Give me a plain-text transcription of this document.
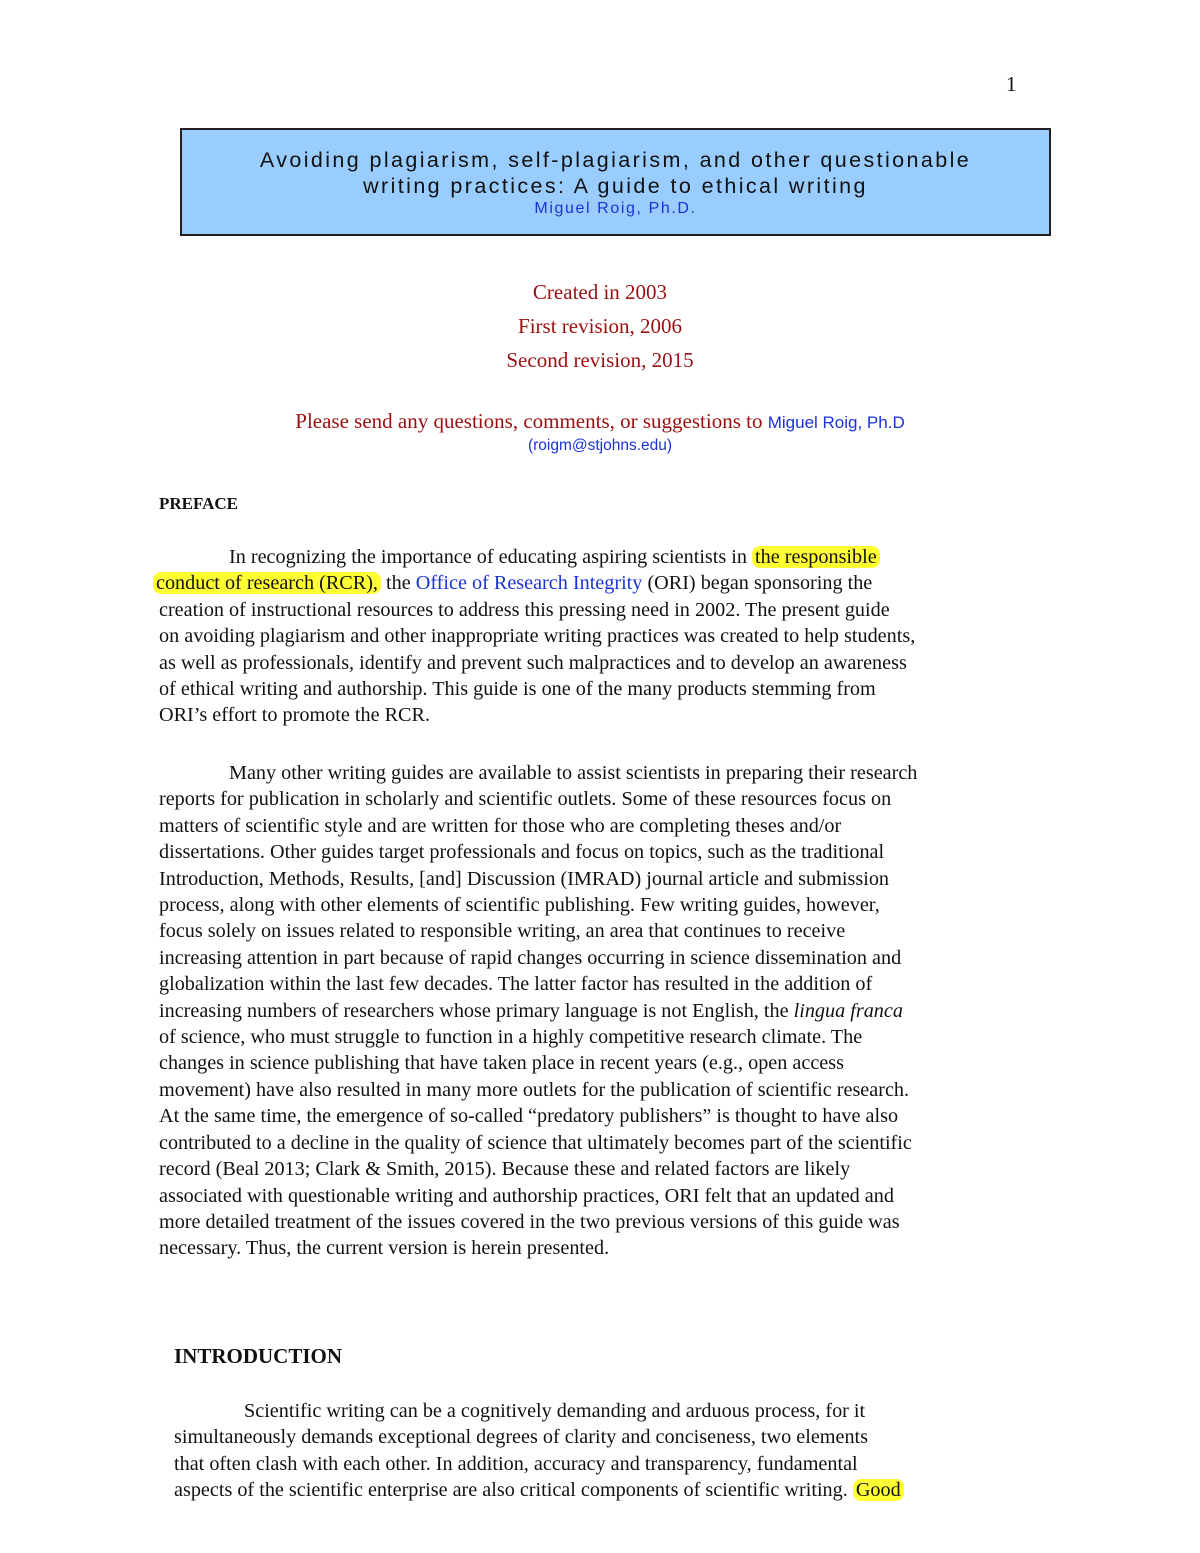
1
Avoiding plagiarism, self-plagiarism, and other questionable
writing practices: A guide to ethical writing
Miguel Roig, Ph.D.
Created in 2003
First revision, 2006
Second revision, 2015
Please send any questions, comments, or suggestions to Miguel Roig, Ph.D
(roigm@stjohns.edu)
PREFACE
In recognizing the importance of educating aspiring scientists in the responsible
conduct of research (RCR), the Office of Research Integrity (ORI) began sponsoring the
creation of instructional resources to address this pressing need in 2002. The present guide
on avoiding plagiarism and other inappropriate writing practices was created to help students,
as well as professionals, identify and prevent such malpractices and to develop an awareness
of ethical writing and authorship. This guide is one of the many products stemming from
ORI’s effort to promote the RCR.
Many other writing guides are available to assist scientists in preparing their research
reports for publication in scholarly and scientific outlets. Some of these resources focus on
matters of scientific style and are written for those who are completing theses and/or
dissertations. Other guides target professionals and focus on topics, such as the traditional
Introduction, Methods, Results, [and] Discussion (IMRAD) journal article and submission
process, along with other elements of scientific publishing. Few writing guides, however,
focus solely on issues related to responsible writing, an area that continues to receive
increasing attention in part because of rapid changes occurring in science dissemination and
globalization within the last few decades. The latter factor has resulted in the addition of
increasing numbers of researchers whose primary language is not English, the lingua franca
of science, who must struggle to function in a highly competitive research climate. The
changes in science publishing that have taken place in recent years (e.g., open access
movement) have also resulted in many more outlets for the publication of scientific research.
At the same time, the emergence of so-called “predatory publishers” is thought to have also
contributed to a decline in the quality of science that ultimately becomes part of the scientific
record (Beal 2013; Clark & Smith, 2015). Because these and related factors are likely
associated with questionable writing and authorship practices, ORI felt that an updated and
more detailed treatment of the issues covered in the two previous versions of this guide was
necessary. Thus, the current version is herein presented.
INTRODUCTION
Scientific writing can be a cognitively demanding and arduous process, for it
simultaneously demands exceptional degrees of clarity and conciseness, two elements
that often clash with each other. In addition, accuracy and transparency, fundamental
aspects of the scientific enterprise are also critical components of scientific writing. Good
